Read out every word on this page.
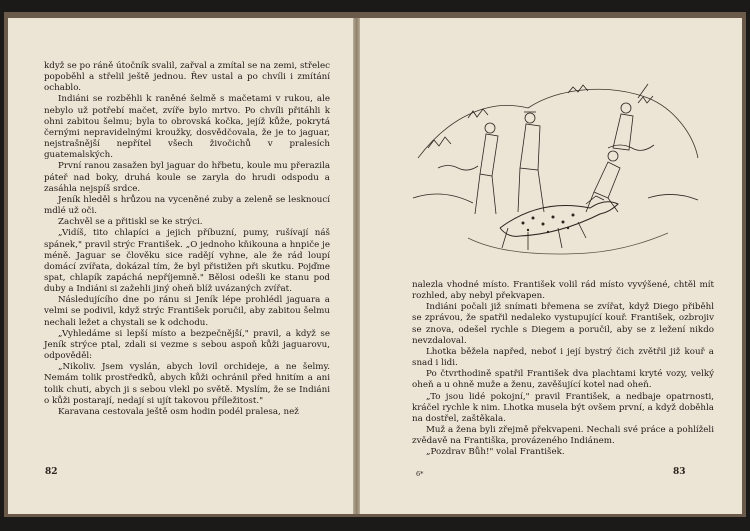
když se po ráně útočník svalil, zařval a zmítal se na zemi, střelec popoběhl a střelil ještě jednou. Řev ustal a po chvíli i zmítání ochablo.

Indiáni se rozběhli k raněné šelmě s mačetami v rukou, ale nebylo už potřebí mačet, zvíře bylo mrtvo. Po chvíli přitáhli k ohni zabitou šelmu; byla to obrovská kočka, jejíž kůže, pokrytá černými nepravidelnými kroužky, dosvědčovala, že je to jaguar, nejstrašnější nepřítel všech živočichů v pralesích guatemalských.

První ranou zasažen byl jaguar do hřbetu, koule mu přerazila páteř nad boky, druhá koule se zaryla do hrudi odspodu a zasáhla nejspíš srdce.

Jeník hleděl s hrůzou na vyceněné zuby a zeleně se lesknoucí mdlé už oči.

Zachvěl se a přitiskl se ke strýci.

„Vidíš, tito chlapíci a jejich příbuzní, pumy, rušívají náš spánek," pravil strýc František. „O jednoho kňikouna a hnpiče je méně. Jaguar se člověku sice radějí vyhne, ale že rád loupí domácí zvířata, dokázal tím, že byl přistižen při skutku. Pojďme spat, chlapík zapáchá nepříjemně." Bělosi odešli ke stanu pod duby a Indiáni si zažehli jiný oheň blíž uvázaných zvířat.

Následujícího dne po ránu si Jeník lépe prohlédl jaguara a velmi se podivil, když strýc František poručil, aby zabitou šelmu nechali ležet a chystali se k odchodu.

„Vyhledáme si lepší místo a bezpečnější," pravil, a když se Jeník strýce ptal, zdali si vezme s sebou aspoň kůži jaguarovu, odpověděl:

„Nikoliv. Jsem vyslán, abych lovil orchideje, a ne šelmy. Nemám tolik prostředků, abych kůži ochránil před hnitím a ani tolik chuti, abych ji s sebou vlekl po světě. Myslím, že se Indiáni o kůži postarají, nedají si ujít takovou příležitost."

Karavana cestovala ještě osm hodin podél pralesa, než

82

nalezla vhodné místo. František volil rád místo vyvýšené, chtěl mít rozhled, aby nebyl překvapen.

Indiáni počali již snímati břemena se zvířat, když Diego přiběhl se zprávou, že spatřil nedaleko vystupující kouř. František, ozbrojiv se znova, odešel rychle s Diegem a poručil, aby se z ležení nikdo nevzdaloval.

Lhotka běžela napřed, neboť i její bystrý čich zvětřil již kouř a snad i lidi.

Po čtvrthodině spatřil František dva plachtami kryté vozy, velký oheň a u ohně muže a ženu, zavěšující kotel nad oheň.

„To jsou lidé pokojní," pravil František, a nedbaje opatrnosti, kráčel rychle k nim. Lhotka musela být ovšem první, a když doběhla na dostřel, zaštěkala.

Muž a žena byli zřejmě překvapeni. Nechali své práce a pohlíželi zvědavě na Františka, provázeného Indiánem.

„Pozdrav Bůh!" volal František.

6*	83
